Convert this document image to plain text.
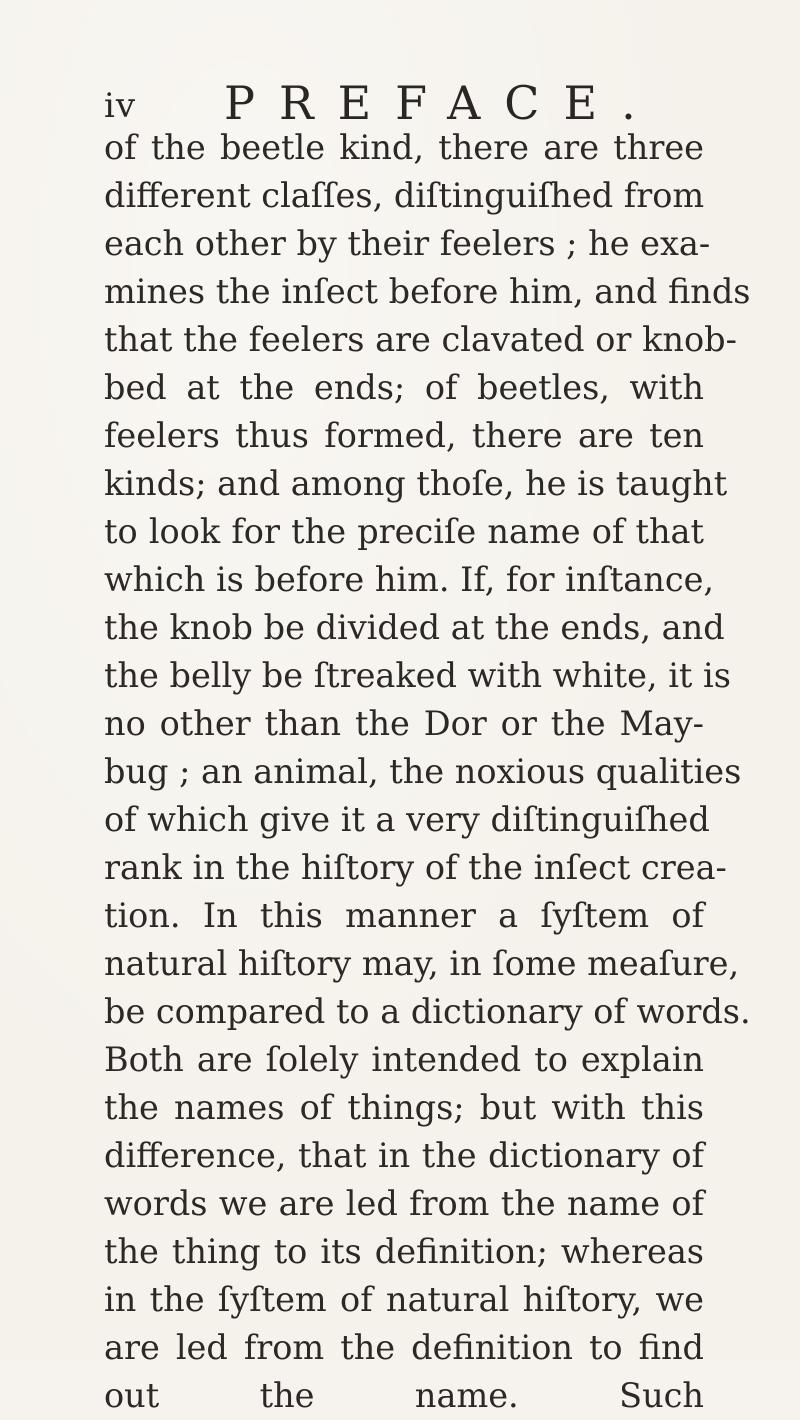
iv PREFACE.
of the beetle kind, there are three
different claſſes, diſtinguiſhed from
each other by their feelers ; he exa-
mines the inſect before him, and finds
that the feelers are clavated or knob-
bed at the ends; of beetles, with
feelers thus formed, there are ten
kinds; and among thoſe, he is taught
to look for the preciſe name of that
which is before him. If, for inſtance,
the knob be divided at the ends, and
the belly be ſtreaked with white, it is
no other than the Dor or the May-
bug ; an animal, the noxious qualities
of which give it a very diſtinguiſhed
rank in the hiſtory of the inſect crea-
tion. In this manner a ſyſtem of
natural hiſtory may, in ſome meaſure,
be compared to a dictionary of words.
Both are ſolely intended to explain
the names of things; but with this
difference, that in the dictionary of
words we are led from the name of
the thing to its definition; whereas
in the ſyſtem of natural hiſtory, we
are led from the definition to find
out the name. Such
